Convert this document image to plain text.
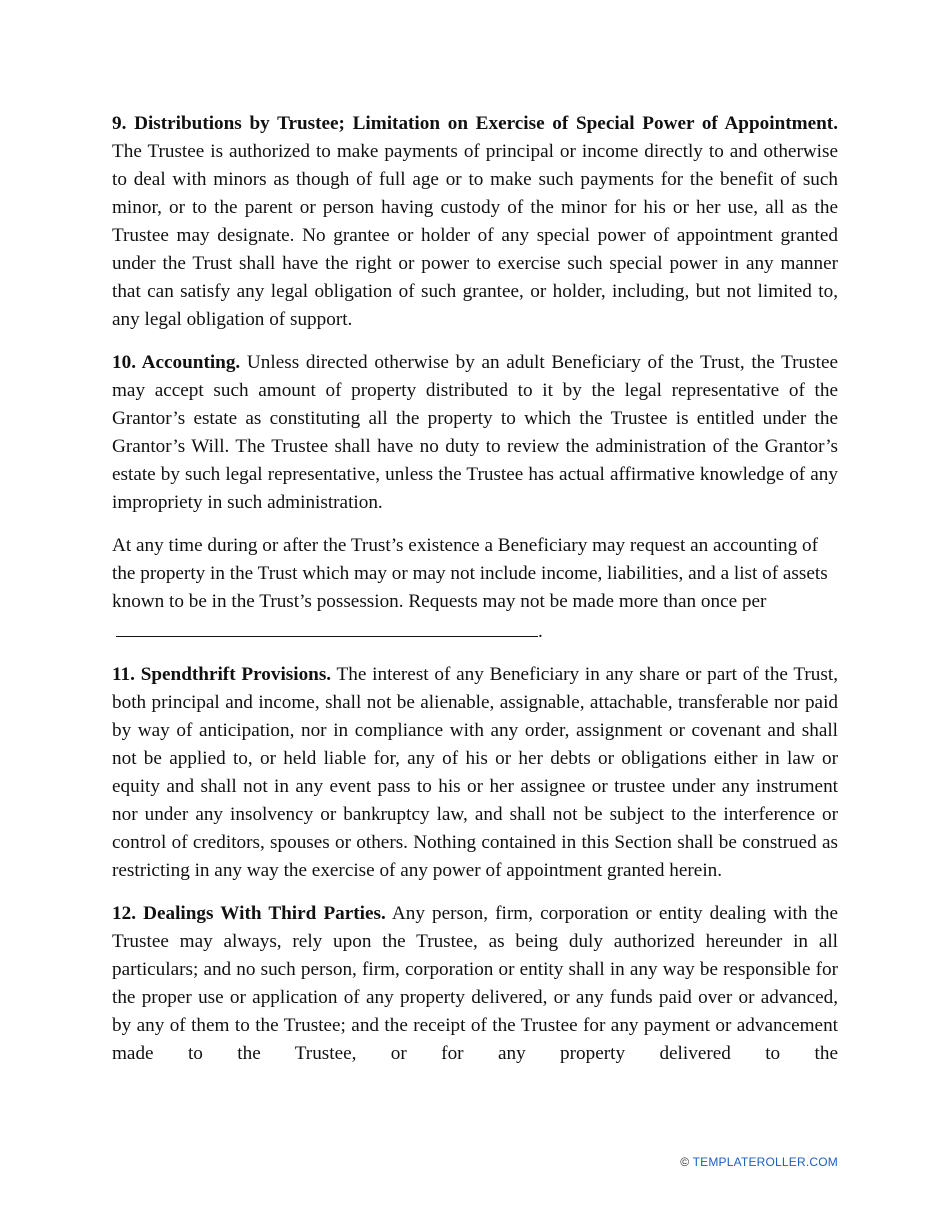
9. Distributions by Trustee; Limitation on Exercise of Special Power of Appointment. The Trustee is authorized to make payments of principal or income directly to and otherwise to deal with minors as though of full age or to make such payments for the benefit of such minor, or to the parent or person having custody of the minor for his or her use, all as the Trustee may designate. No grantee or holder of any special power of appointment granted under the Trust shall have the right or power to exercise such special power in any manner that can satisfy any legal obligation of such grantee, or holder, including, but not limited to, any legal obligation of support.

10. Accounting. Unless directed otherwise by an adult Beneficiary of the Trust, the Trustee may accept such amount of property distributed to it by the legal representative of the Grantor’s estate as constituting all the property to which the Trustee is entitled under the Grantor’s Will. The Trustee shall have no duty to review the administration of the Grantor’s estate by such legal representative, unless the Trustee has actual affirmative knowledge of any impropriety in such administration.

At any time during or after the Trust’s existence a Beneficiary may request an accounting of the property in the Trust which may or may not include income, liabilities, and a list of assets known to be in the Trust’s possession. Requests may not be made more than once per.

11. Spendthrift Provisions. The interest of any Beneficiary in any share or part of the Trust, both principal and income, shall not be alienable, assignable, attachable, transferable nor paid by way of anticipation, nor in compliance with any order, assignment or covenant and shall not be applied to, or held liable for, any of his or her debts or obligations either in law or equity and shall not in any event pass to his or her assignee or trustee under any instrument nor under any insolvency or bankruptcy law, and shall not be subject to the interference or control of creditors, spouses or others. Nothing contained in this Section shall be construed as restricting in any way the exercise of any power of appointment granted herein.

12. Dealings With Third Parties. Any person, firm, corporation or entity dealing with the Trustee may always, rely upon the Trustee, as being duly authorized hereunder in all particulars; and no such person, firm, corporation or entity shall in any way be responsible for the proper use or application of any property delivered, or any funds paid over or advanced, by any of them to the Trustee; and the receipt of the Trustee for any payment or advancement made to the Trustee, or for any property delivered to the

© TEMPLATEROLLER.COM
